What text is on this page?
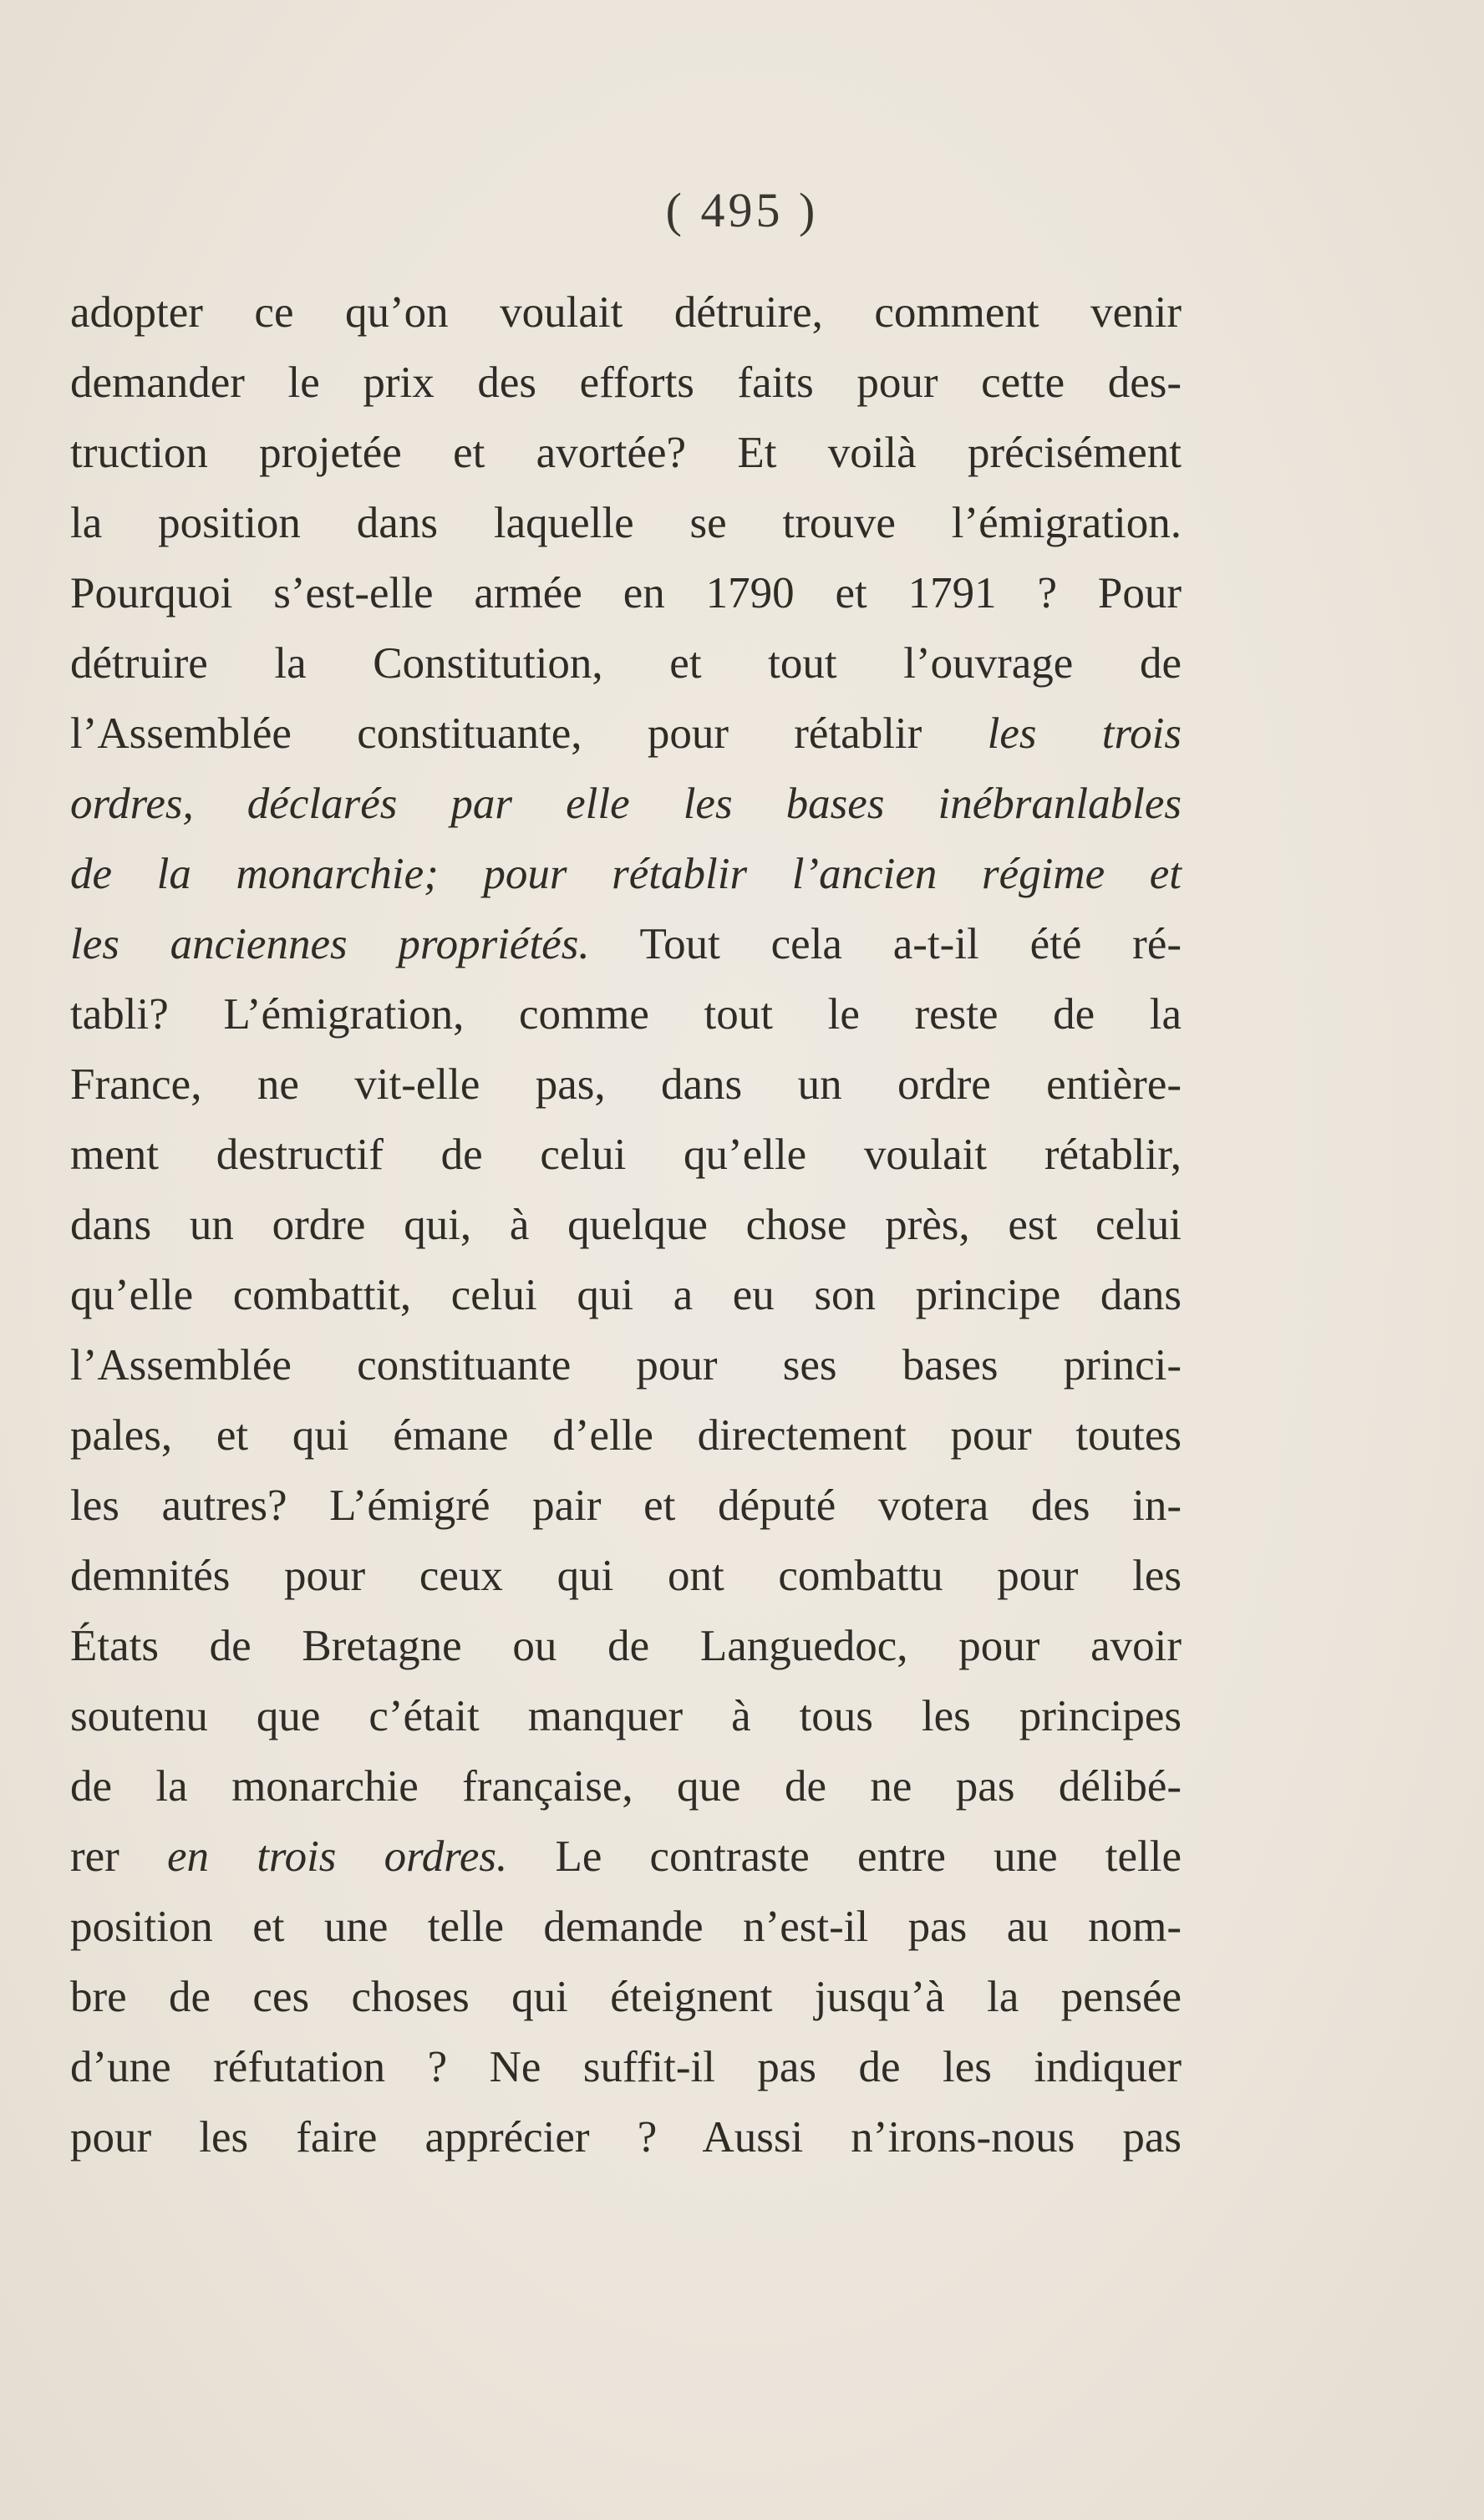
( 495 )
adopter ce qu’on voulait détruire, comment venir
demander le prix des efforts faits pour cette des-
truction projetée et avortée? Et voilà précisément
la position dans laquelle se trouve l’émigration.
Pourquoi s’est-elle armée en 1790 et 1791 ? Pour
détruire la Constitution, et tout l’ouvrage de
l’Assemblée constituante, pour rétablir les trois
ordres, déclarés par elle les bases inébranlables
de la monarchie; pour rétablir l’ancien régime et
les anciennes propriétés. Tout cela a-t-il été ré-
tabli? L’émigration, comme tout le reste de la
France, ne vit-elle pas, dans un ordre entière-
ment destructif de celui qu’elle voulait rétablir,
dans un ordre qui, à quelque chose près, est celui
qu’elle combattit, celui qui a eu son principe dans
l’Assemblée constituante pour ses bases princi-
pales, et qui émane d’elle directement pour toutes
les autres? L’émigré pair et député votera des in-
demnités pour ceux qui ont combattu pour les
États de Bretagne ou de Languedoc, pour avoir
soutenu que c’était manquer à tous les principes
de la monarchie française, que de ne pas délibé-
rer en trois ordres. Le contraste entre une telle
position et une telle demande n’est-il pas au nom-
bre de ces choses qui éteignent jusqu’à la pensée
d’une réfutation ? Ne suffit-il pas de les indiquer
pour les faire apprécier ? Aussi n’irons-nous pas
